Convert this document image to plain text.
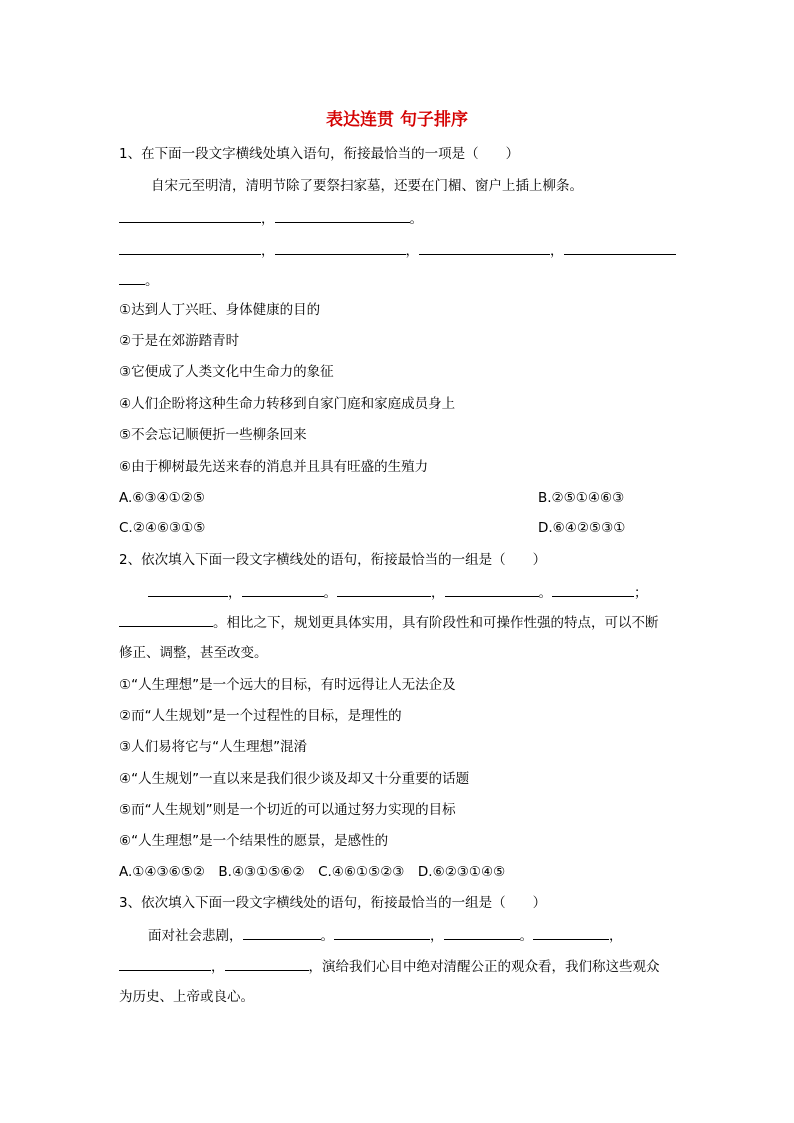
表达连贯 句子排序
1、在下面一段文字横线处填入语句，衔接最恰当的一项是（　　）
自宋元至明清，清明节除了要祭扫家墓，还要在门楣、窗户上插上柳条。
，	。
，	，	，
。
①达到人丁兴旺、身体健康的目的
②于是在郊游踏青时
③它便成了人类文化中生命力的象征
④人们企盼将这种生命力转移到自家门庭和家庭成员身上
⑤不会忘记顺便折一些柳条回来
⑥由于柳树最先送来春的消息并且具有旺盛的生殖力
A.⑥③④①②⑤	B.②⑤①④⑥③
C.②④⑥③①⑤	D.⑥④②⑤③①
2、依次填入下面一段文字横线处的语句，衔接最恰当的一组是（　　）
，	。	，	。	；
。相比之下，规划更具体实用，具有阶段性和可操作性强的特点，可以不断
修正、调整，甚至改变。
①“人生理想”是一个远大的目标，有时远得让人无法企及
②而“人生规划”是一个过程性的目标，是理性的
③人们易将它与“人生理想”混淆
④“人生规划”一直以来是我们很少谈及却又十分重要的话题
⑤而“人生规划”则是一个切近的可以通过努力实现的目标
⑥“人生理想”是一个结果性的愿景，是感性的
A.①④③⑥⑤②　B.④③①⑤⑥②　C.④⑥①⑤②③　D.⑥②③①④⑤
3、依次填入下面一段文字横线处的语句，衔接最恰当的一组是（　　）
面对社会悲剧，	。	，	。	，
，	，演给我们心目中绝对清醒公正的观众看，我们称这些观众
为历史、上帝或良心。
